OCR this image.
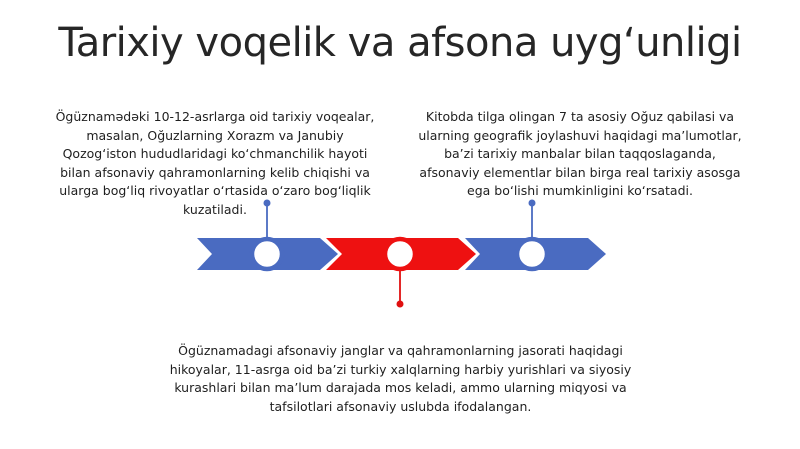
Tarixiy voqelik va afsona uyg‘unligi
Ögüznamədəki 10-12-asrlarga oid tarixiy voqealar, masalan, Oğuzlarning Xorazm va Janubiy Qozog‘iston hududlaridagi ko‘chmanchilik hayoti bilan afsonaviy qahramonlarning kelib chiqishi va ularga bog‘liq rivoyatlar o‘rtasida o‘zaro bog‘liqlik kuzatiladi.
Kitobda tilga olingan 7 ta asosiy Oğuz qabilasi va ularning geografik joylashuvi haqidagi ma’lumotlar, ba’zi tarixiy manbalar bilan taqqoslaganda, afsonaviy elementlar bilan birga real tarixiy asosga ega bo‘lishi mumkinligini ko‘rsatadi.
Ögüznamadagi afsonaviy janglar va qahramonlarning jasorati haqidagi hikoyalar, 11-asrga oid ba’zi turkiy xalqlarning harbiy yurishlari va siyosiy kurashlari bilan ma’lum darajada mos keladi, ammo ularning miqyosi va tafsilotlari afsonaviy uslubda ifodalangan.
